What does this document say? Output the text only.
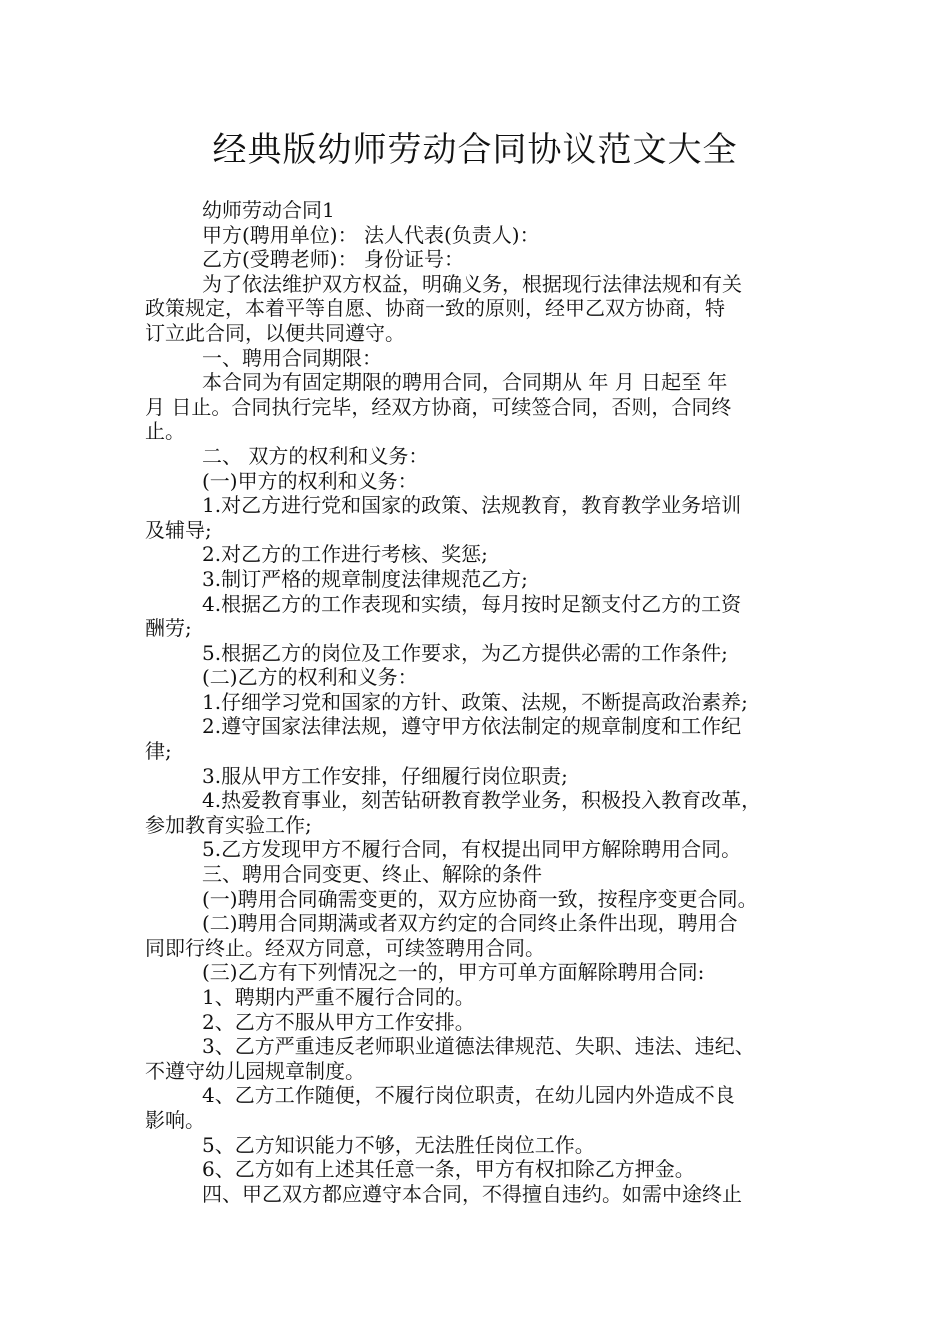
经典版幼师劳动合同协议范文大全
幼师劳动合同1
甲方(聘用单位)： 法人代表(负责人)：
乙方(受聘老师)： 身份证号：
为了依法维护双方权益，明确义务，根据现行法律法规和有关
政策规定，本着平等自愿、协商一致的原则，经甲乙双方协商，特
订立此合同，以便共同遵守。
一、聘用合同期限：
本合同为有固定期限的聘用合同，合同期从 年 月 日起至 年
月 日止。合同执行完毕，经双方协商，可续签合同，否则，合同终
止。
二、 双方的权利和义务：
(一)甲方的权利和义务：
1.对乙方进行党和国家的政策、法规教育，教育教学业务培训
及辅导;
2.对乙方的工作进行考核、奖惩;
3.制订严格的规章制度法律规范乙方;
4.根据乙方的工作表现和实绩，每月按时足额支付乙方的工资
酬劳;
5.根据乙方的岗位及工作要求，为乙方提供必需的工作条件;
(二)乙方的权利和义务：
1.仔细学习党和国家的方针、政策、法规，不断提高政治素养;
2.遵守国家法律法规，遵守甲方依法制定的规章制度和工作纪
律;
3.服从甲方工作安排，仔细履行岗位职责;
4.热爱教育事业，刻苦钻研教育教学业务，积极投入教育改革，
参加教育实验工作;
5.乙方发现甲方不履行合同，有权提出同甲方解除聘用合同。
三、聘用合同变更、终止、解除的条件
(一)聘用合同确需变更的，双方应协商一致，按程序变更合同。
(二)聘用合同期满或者双方约定的合同终止条件出现，聘用合
同即行终止。经双方同意，可续签聘用合同。
(三)乙方有下列情况之一的，甲方可单方面解除聘用合同:
1、聘期内严重不履行合同的。
2、乙方不服从甲方工作安排。
3、乙方严重违反老师职业道德法律规范、失职、违法、违纪、
不遵守幼儿园规章制度。
4、乙方工作随便，不履行岗位职责，在幼儿园内外造成不良
影响。
5、乙方知识能力不够，无法胜任岗位工作。
6、乙方如有上述其任意一条，甲方有权扣除乙方押金。
四、甲乙双方都应遵守本合同，不得擅自违约。如需中途终止
